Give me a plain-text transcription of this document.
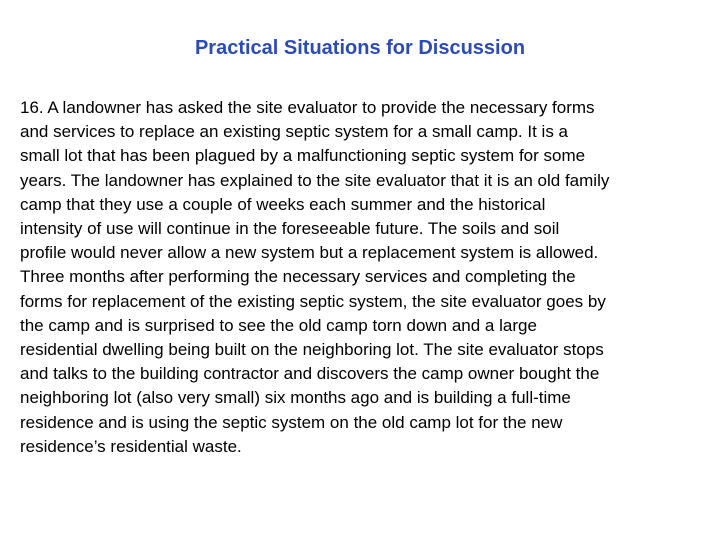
Practical Situations for Discussion
16. A landowner has asked the site evaluator to provide the necessary forms
and services to replace an existing septic system for a small camp. It is a
small lot that has been plagued by a malfunctioning septic system for some
years. The landowner has explained to the site evaluator that it is an old family
camp that they use a couple of weeks each summer and the historical
intensity of use will continue in the foreseeable future. The soils and soil
profile would never allow a new system but a replacement system is allowed.
Three months after performing the necessary services and completing the
forms for replacement of the existing septic system, the site evaluator goes by
the camp and is surprised to see the old camp torn down and a large
residential dwelling being built on the neighboring lot. The site evaluator stops
and talks to the building contractor and discovers the camp owner bought the
neighboring lot (also very small) six months ago and is building a full-time
residence and is using the septic system on the old camp lot for the new
residence’s residential waste.
